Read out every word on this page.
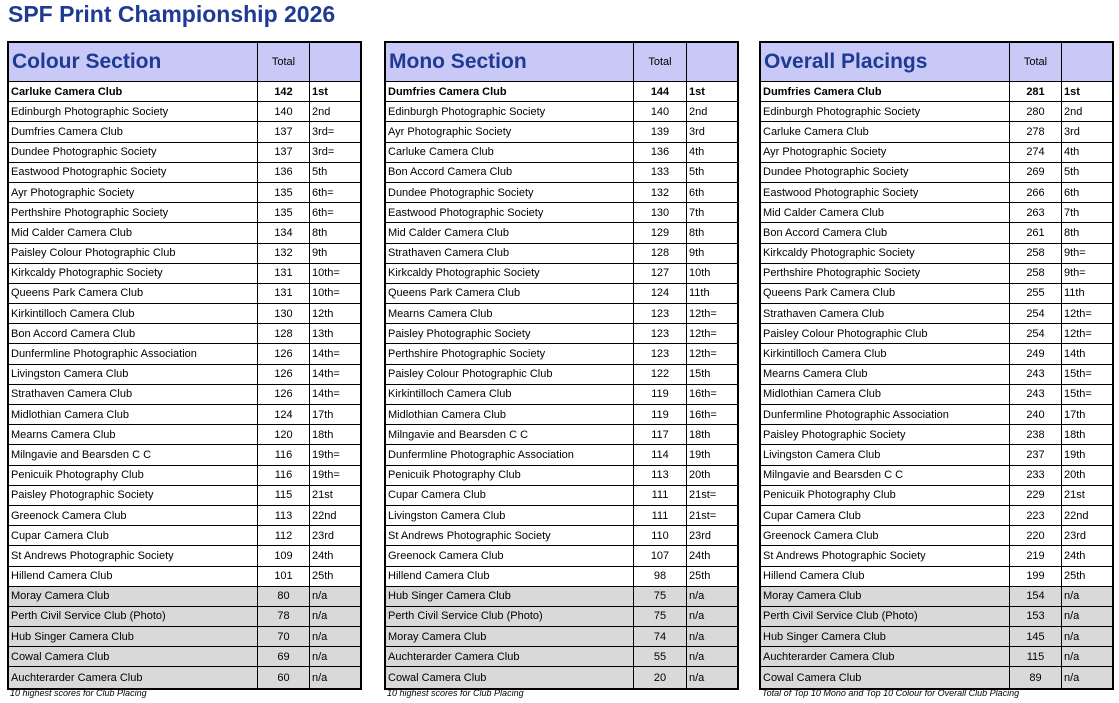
SPF Print Championship 2026
Colour Section	Total
Carluke Camera Club	142	1st
Edinburgh Photographic Society	140	2nd
Dumfries Camera Club	137	3rd=
Dundee Photographic Society	137	3rd=
Eastwood Photographic Society	136	5th
Ayr Photographic Society	135	6th=
Perthshire Photographic Society	135	6th=
Mid Calder Camera Club	134	8th
Paisley Colour Photographic Club	132	9th
Kirkcaldy Photographic Society	131	10th=
Queens Park Camera Club	131	10th=
Kirkintilloch Camera Club	130	12th
Bon Accord Camera Club	128	13th
Dunfermline Photographic Association	126	14th=
Livingston Camera Club	126	14th=
Strathaven Camera Club	126	14th=
Midlothian Camera Club	124	17th
Mearns Camera Club	120	18th
Milngavie and Bearsden C C	116	19th=
Penicuik Photography Club	116	19th=
Paisley Photographic Society	115	21st
Greenock Camera Club	113	22nd
Cupar Camera Club	112	23rd
St Andrews Photographic Society	109	24th
Hillend Camera Club	101	25th
Moray Camera Club	80	n/a
Perth Civil Service Club (Photo)	78	n/a
Hub Singer Camera Club	70	n/a
Cowal Camera Club	69	n/a
Auchterarder Camera Club	60	n/a
10 highest scores for Club Placing
Mono Section	Total
Dumfries Camera Club	144	1st
Edinburgh Photographic Society	140	2nd
Ayr Photographic Society	139	3rd
Carluke Camera Club	136	4th
Bon Accord Camera Club	133	5th
Dundee Photographic Society	132	6th
Eastwood Photographic Society	130	7th
Mid Calder Camera Club	129	8th
Strathaven Camera Club	128	9th
Kirkcaldy Photographic Society	127	10th
Queens Park Camera Club	124	11th
Mearns Camera Club	123	12th=
Paisley Photographic Society	123	12th=
Perthshire Photographic Society	123	12th=
Paisley Colour Photographic Club	122	15th
Kirkintilloch Camera Club	119	16th=
Midlothian Camera Club	119	16th=
Milngavie and Bearsden C C	117	18th
Dunfermline Photographic Association	114	19th
Penicuik Photography Club	113	20th
Cupar Camera Club	111	21st=
Livingston Camera Club	111	21st=
St Andrews Photographic Society	110	23rd
Greenock Camera Club	107	24th
Hillend Camera Club	98	25th
Hub Singer Camera Club	75	n/a
Perth Civil Service Club (Photo)	75	n/a
Moray Camera Club	74	n/a
Auchterarder Camera Club	55	n/a
Cowal Camera Club	20	n/a
10 highest scores for Club Placing
Overall Placings	Total
Dumfries Camera Club	281	1st
Edinburgh Photographic Society	280	2nd
Carluke Camera Club	278	3rd
Ayr Photographic Society	274	4th
Dundee Photographic Society	269	5th
Eastwood Photographic Society	266	6th
Mid Calder Camera Club	263	7th
Bon Accord Camera Club	261	8th
Kirkcaldy Photographic Society	258	9th=
Perthshire Photographic Society	258	9th=
Queens Park Camera Club	255	11th
Strathaven Camera Club	254	12th=
Paisley Colour Photographic Club	254	12th=
Kirkintilloch Camera Club	249	14th
Mearns Camera Club	243	15th=
Midlothian Camera Club	243	15th=
Dunfermline Photographic Association	240	17th
Paisley Photographic Society	238	18th
Livingston Camera Club	237	19th
Milngavie and Bearsden C C	233	20th
Penicuik Photography Club	229	21st
Cupar Camera Club	223	22nd
Greenock Camera Club	220	23rd
St Andrews Photographic Society	219	24th
Hillend Camera Club	199	25th
Moray Camera Club	154	n/a
Perth Civil Service Club (Photo)	153	n/a
Hub Singer Camera Club	145	n/a
Auchterarder Camera Club	115	n/a
Cowal Camera Club	89	n/a
Total of Top 10 Mono and Top 10 Colour for Overall Club Placing
